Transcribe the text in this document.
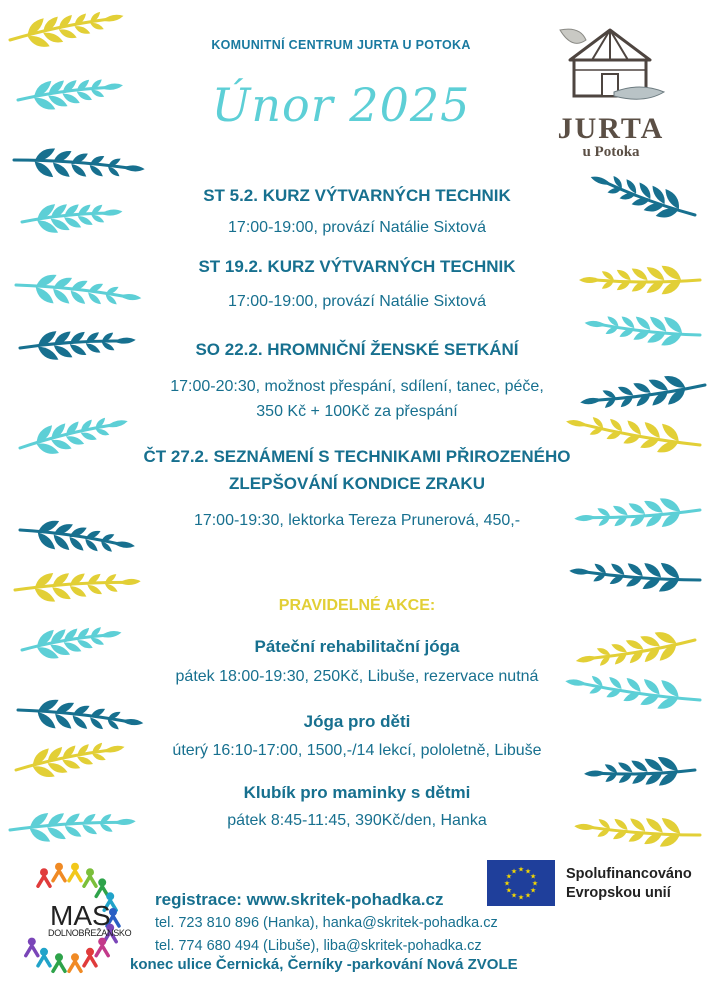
JURTA
u Potoka
KOMUNITNÍ CENTRUM JURTA U POTOKA
Únor 2025
ST 5.2. KURZ VÝTVARNÝCH TECHNIK
17:00-19:00, provází Natálie Sixtová
ST 19.2. KURZ VÝTVARNÝCH TECHNIK
17:00-19:00, provází Natálie Sixtová
SO 22.2. HROMNIČNÍ ŽENSKÉ SETKÁNÍ
17:00-20:30, možnost přespání, sdílení, tanec, péče,
350 Kč + 100Kč za přespání
ČT 27.2. SEZNÁMENÍ S TECHNIKAMI PŘIROZENÉHO
ZLEPŠOVÁNÍ KONDICE ZRAKU
17:00-19:30, lektorka Tereza Prunerová, 450,-
PRAVIDELNÉ AKCE:
Páteční rehabilitační jóga
pátek 18:00-19:30, 250Kč, Libuše, rezervace nutná
Jóga pro děti
úterý 16:10-17:00, 1500,-/14 lekcí, pololetně, Libuše
Klubík pro maminky s dětmi
pátek 8:45-11:45, 390Kč/den, Hanka
MAS
DOLNOBŘEŽANSKO
registrace: www.skritek-pohadka.cz
tel. 723 810 896 (Hanka), hanka@skritek-pohadka.cz
tel. 774 680 494 (Libuše), liba@skritek-pohadka.cz
konec ulice Černická, Černíky -parkování Nová ZVOLE
★
★
★
★
★
★
★
★
★ ★ ★
★ Spolufinancováno
Evropskou unií
